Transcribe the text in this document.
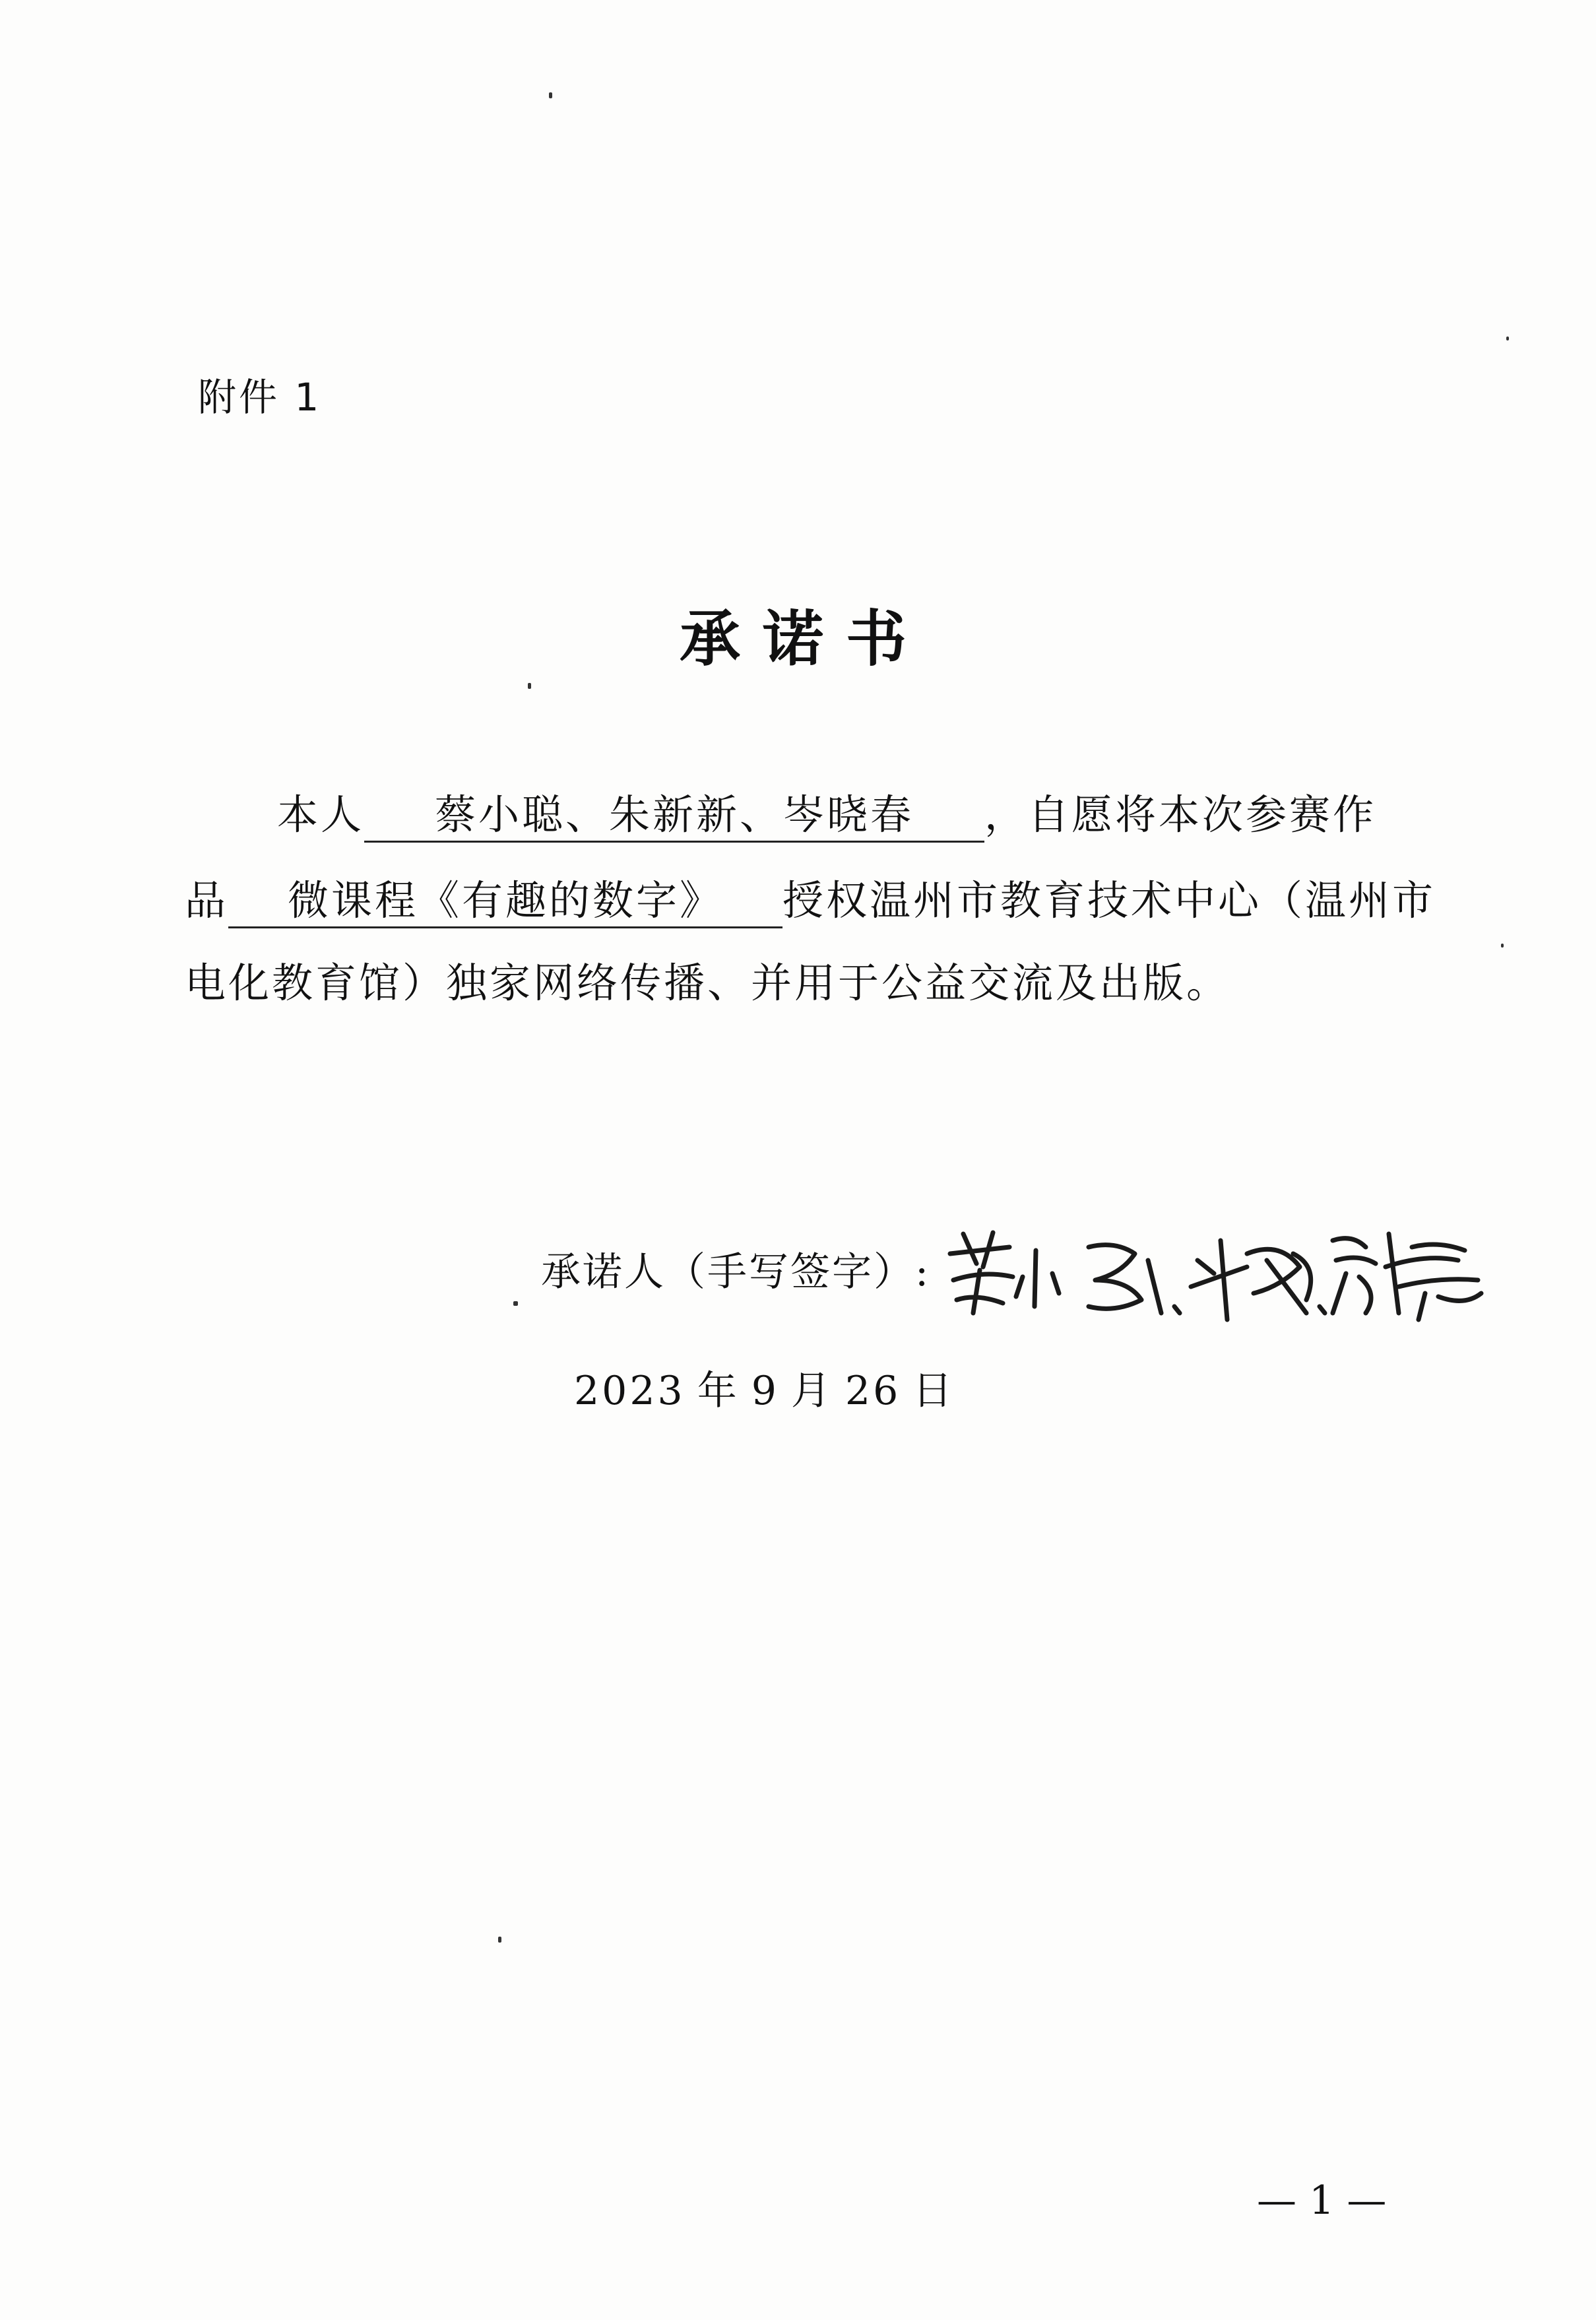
附件 1
承诺书
本人 蔡小聪、朱新新、岑晓春 ，自愿将本次参赛作
品 微课程《有趣的数字》 授权温州市教育技术中心（温州市
电化教育馆）独家网络传播、并用于公益交流及出版。
承诺人（手写签字）:
2023 年 9 月 26 日
— 1 —
